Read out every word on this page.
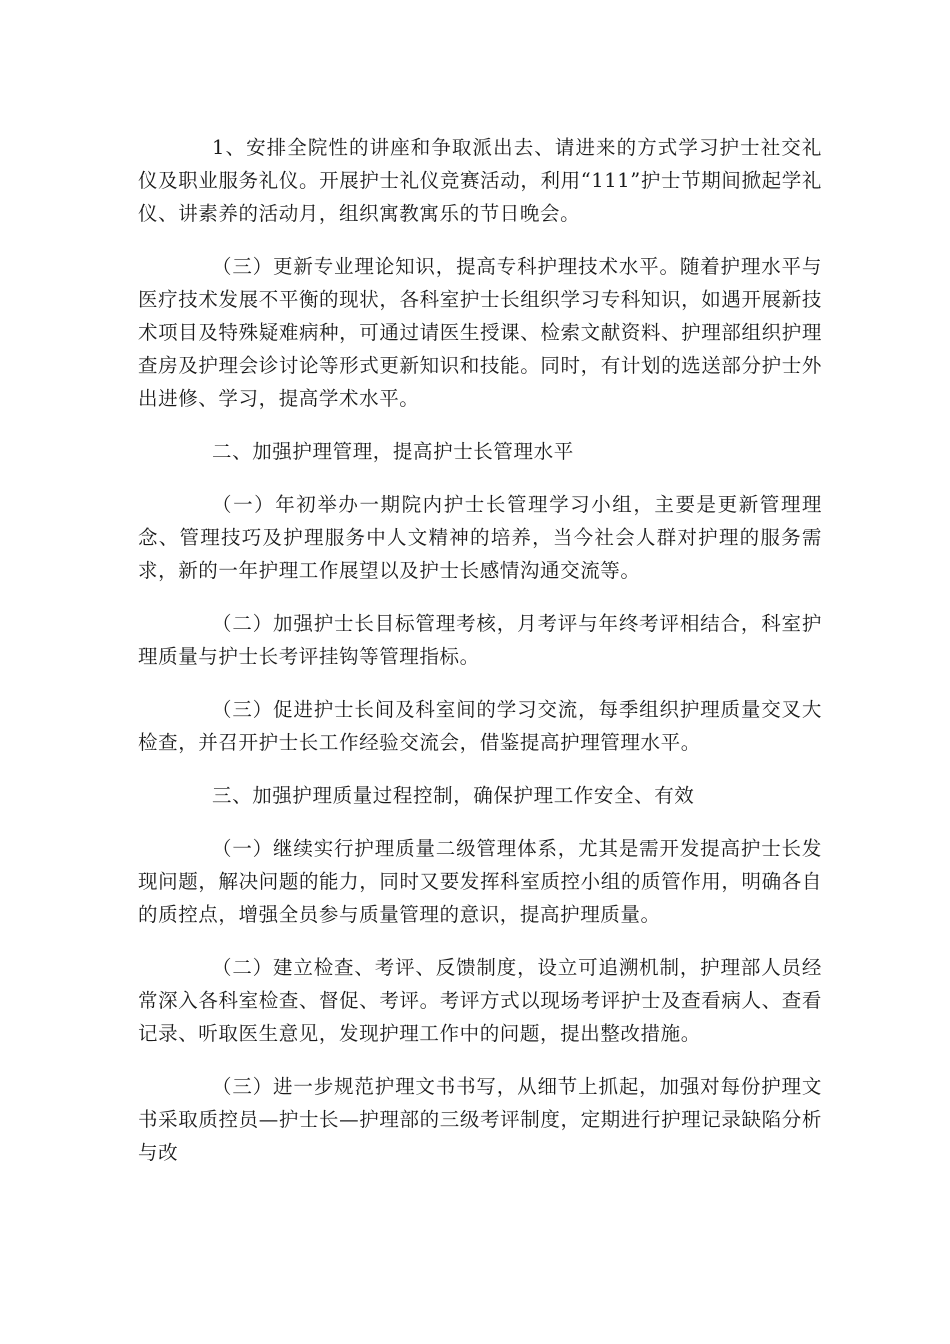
1、安排全院性的讲座和争取派出去、请进来的方式学习护士社交礼仪及职业服务礼仪。开展护士礼仪竞赛活动，利用“111”护士节期间掀起学礼仪、讲素养的活动月，组织寓教寓乐的节日晚会。

（三）更新专业理论知识，提高专科护理技术水平。随着护理水平与医疗技术发展不平衡的现状，各科室护士长组织学习专科知识，如遇开展新技术项目及特殊疑难病种，可通过请医生授课、检索文献资料、护理部组织护理查房及护理会诊讨论等形式更新知识和技能。同时，有计划的选送部分护士外出进修、学习，提高学术水平。

二、加强护理管理，提高护士长管理水平

（一）年初举办一期院内护士长管理学习小组，主要是更新管理理念、管理技巧及护理服务中人文精神的培养，当今社会人群对护理的服务需求，新的一年护理工作展望以及护士长感情沟通交流等。

（二）加强护士长目标管理考核，月考评与年终考评相结合，科室护理质量与护士长考评挂钩等管理指标。

（三）促进护士长间及科室间的学习交流，每季组织护理质量交叉大检查，并召开护士长工作经验交流会，借鉴提高护理管理水平。

三、加强护理质量过程控制，确保护理工作安全、有效

（一）继续实行护理质量二级管理体系，尤其是需开发提高护士长发现问题，解决问题的能力，同时又要发挥科室质控小组的质管作用，明确各自的质控点，增强全员参与质量管理的意识，提高护理质量。

（二）建立检查、考评、反馈制度，设立可追溯机制，护理部人员经常深入各科室检查、督促、考评。考评方式以现场考评护士及查看病人、查看记录、听取医生意见，发现护理工作中的问题，提出整改措施。

（三）进一步规范护理文书书写，从细节上抓起，加强对每份护理文书采取质控员—护士长—护理部的三级考评制度，定期进行护理记录缺陷分析与改
